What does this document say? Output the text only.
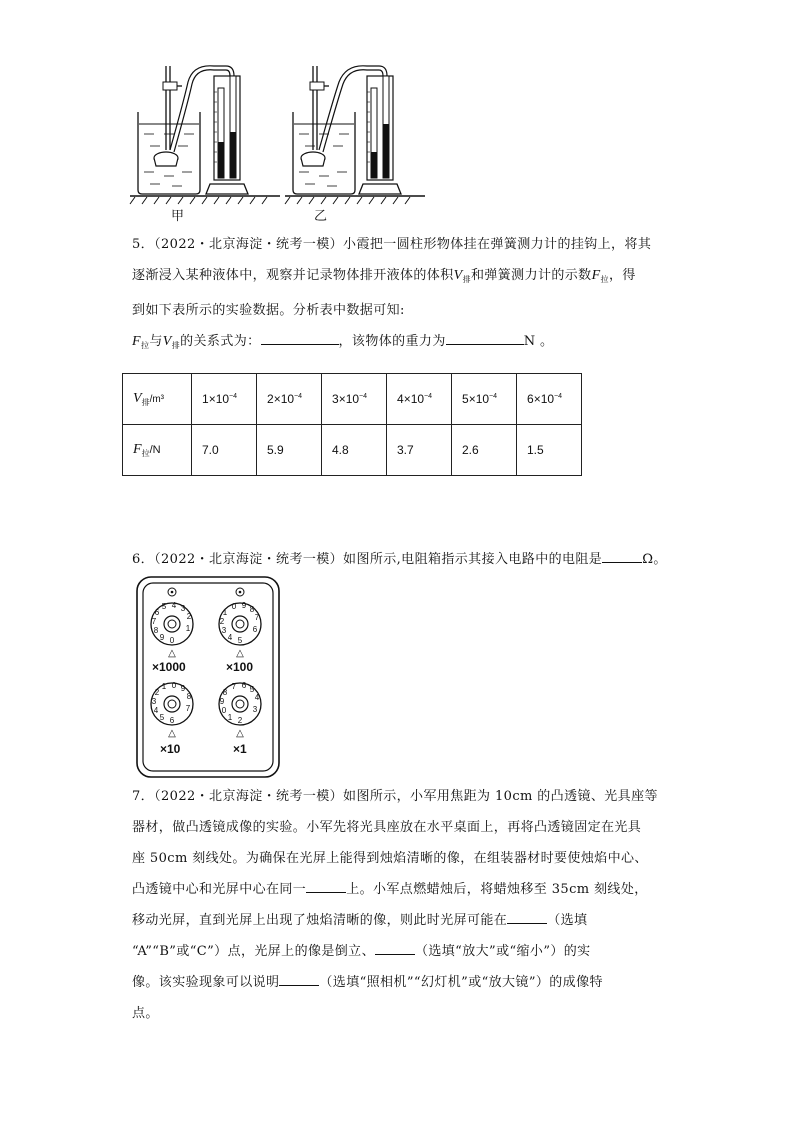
甲	乙
5．（2022・北京海淀・统考一模）小霞把一圆柱形物体挂在弹簧测力计的挂钩上，将其
逐渐浸入某种液体中，观察并记录物体排开液体的体积$V_排$和弹簧测力计的示数$F_拉$，得
到如下表所示的实验数据。分析表中数据可知:
$F_拉$与$V_排$的关系式为：	，该物体的重力为	N 。
$V_排/m^3$	$1\times 10^{-4}$	$2\times 10^{-4}$	$3\times 10^{-4}$	$4\times 10^{-4}$	$5\times 10^{-4}$	$6\times 10^{-4}$
$F_拉/N$	7.0	5.9	4.8	3.7	2.6	1.5
6．（2022・北京海淀・统考一模）如图所示,电阻箱指示其接入电路中的电阻是	Ω。
0
9
8
7
6
5 4 3
2
1
5
4
3
2
1
0 9 8
7
6
△	△
6
5
4
3
2
1 0 9
8
7
2
1
0
9
8
7 6 5
4
3
△	△
×1000	×100
×10	×1
7．（2022・北京海淀・统考一模）如图所示，小军用焦距为 10cm 的凸透镜、光具座等
器材，做凸透镜成像的实验。小军先将光具座放在水平桌面上，再将凸透镜固定在光具
座 50cm 刻线处。为确保在光屏上能得到烛焰清晰的像，在组装器材时要使烛焰中心、
凸透镜中心和光屏中心在同一	上。小军点燃蜡烛后，将蜡烛移至 35cm 刻线处，
移动光屏，直到光屏上出现了烛焰清晰的像，则此时光屏可能在	（选填
“A”“B”或“C”）点，光屏上的像是倒立、	（选填“放大”或“缩小”）的实
像。该实验现象可以说明	（选填“照相机”“幻灯机”或“放大镜”）的成像特
点。
